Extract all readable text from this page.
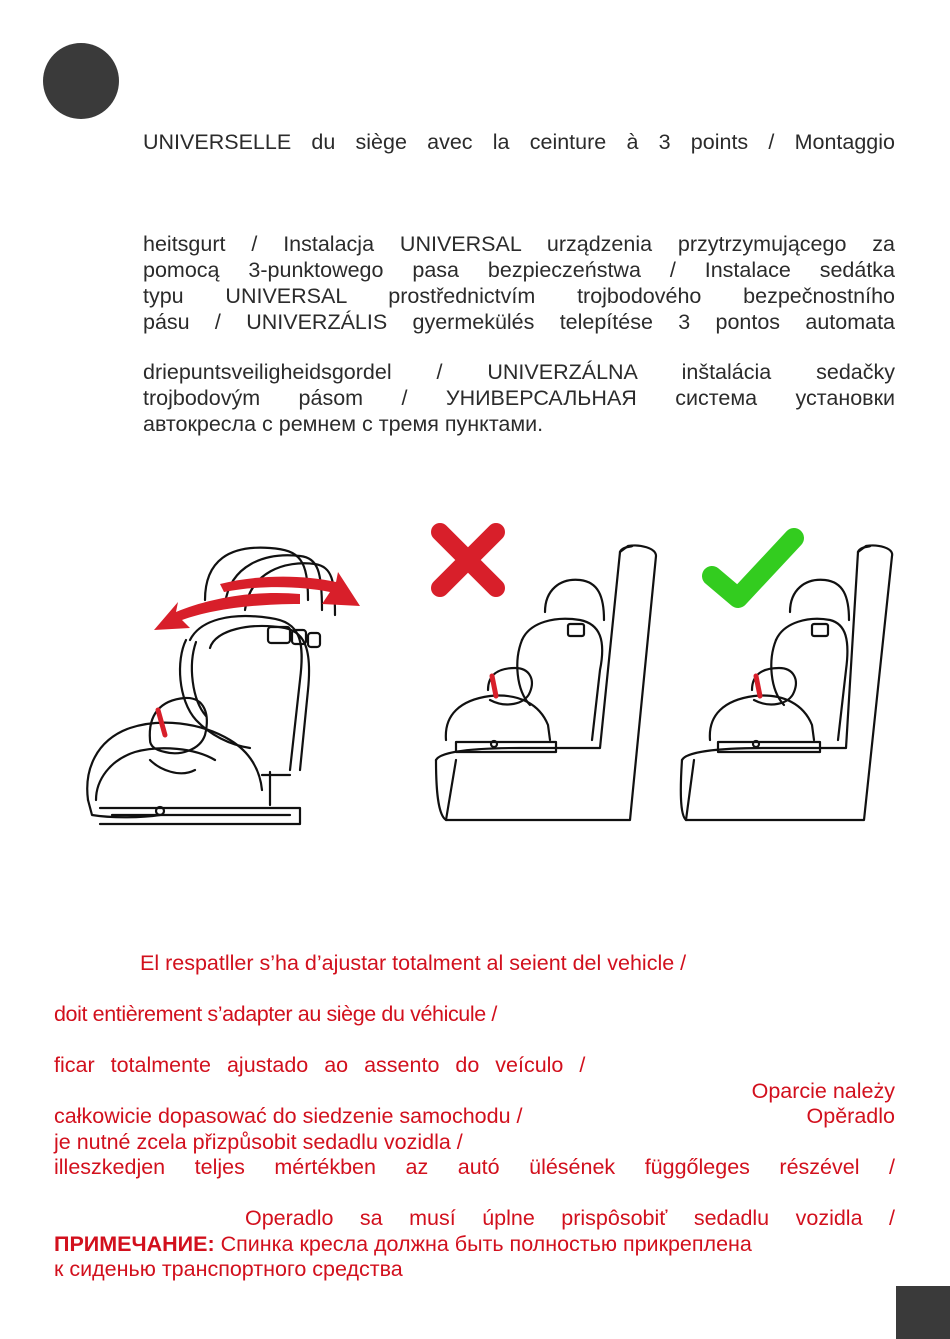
UNIVERSELLE du siège avec la ceinture à 3 points / Montaggio
heitsgurt / Instalacja UNIVERSAL urządzenia przytrzymującego za
pomocą 3-punktowego pasa bezpieczeństwa / Instalace sedátka
typu UNIVERSAL prostřednictvím trojbodového bezpečnostního
pásu / UNIVERZÁLIS gyermekülés telepítése 3 pontos automata
driepuntsveiligheidsgordel / UNIVERZÁLNA inštalácia sedačky
trojbodovým pásom / УНИВЕРСАЛЬНАЯ система установки
автокресла с ремнем с тремя пунктами.
El respatller s’ha d’ajustar totalment al seient del vehicle /
doit entièrement s’adapter au siège du véhicule /
ficar totalmente ajustado ao assento do veículo /
Oparcie należy
całkowicie dopasować do siedzenie samochodu /	Opěradlo
je nutné zcela přizpůsobit sedadlu vozidla /
illeszkedjen teljes mértékben az autó ülésének függőleges részével /
Operadlo sa musí úplne prispôsobiť sedadlu vozidla /
ПРИМЕЧАНИЕ: Спинка кресла должна быть полностью прикреплена
к сиденью транспортного средства
